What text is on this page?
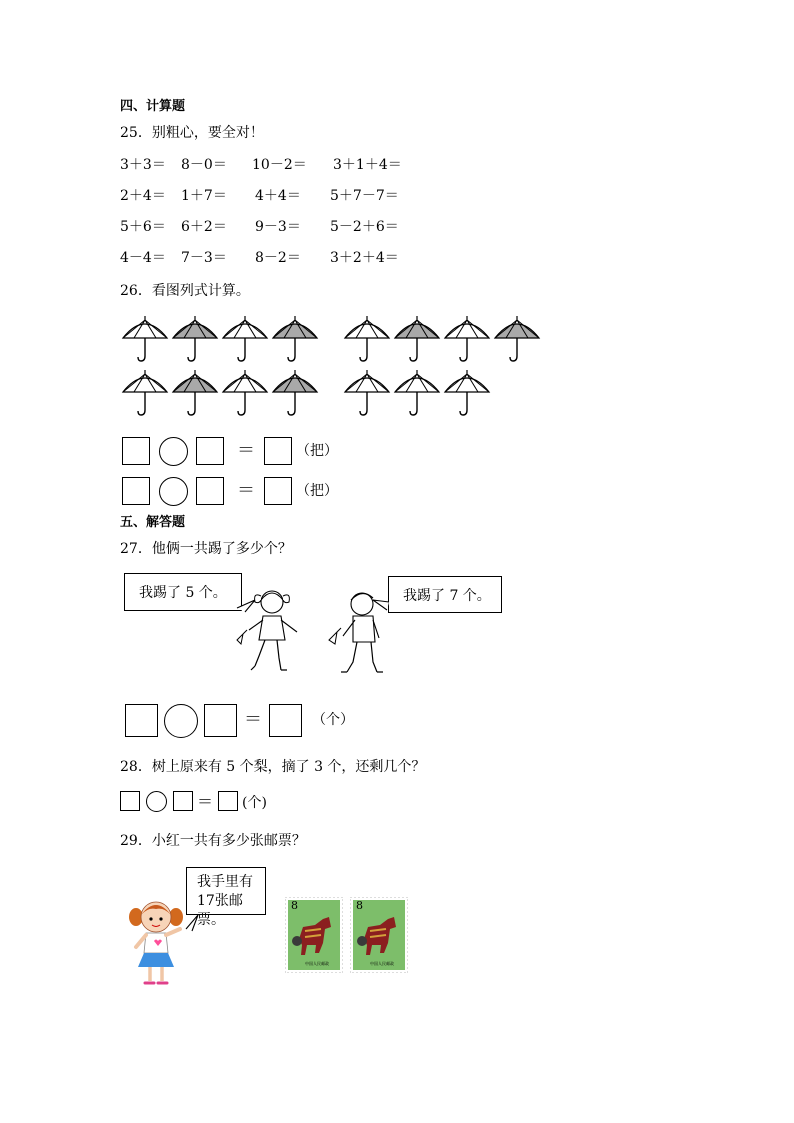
四、计算题
25．别粗心，要全对！
3＋3＝ 8－0＝ 10－2＝ 3＋1＋4＝
2＋4＝ 1＋7＝ 4＋4＝ 5＋7－7＝
5＋6＝ 6＋2＝ 9－3＝ 5－2＋6＝
4－4＝ 7－3＝ 8－2＝ 3＋2＋4＝
26．看图列式计算。
＝	（把）
＝	（把）
五、解答题
27．他俩一共踢了多少个？
我踢了 5 个。	我踢了 7 个。
＝	（个）
28．树上原来有 5 个梨，摘了 3 个，还剩几个？
＝ (个)
29．小红一共有多少张邮票？
我手里有
17张邮票。
8
中国人民邮政
8
中国人民邮政
